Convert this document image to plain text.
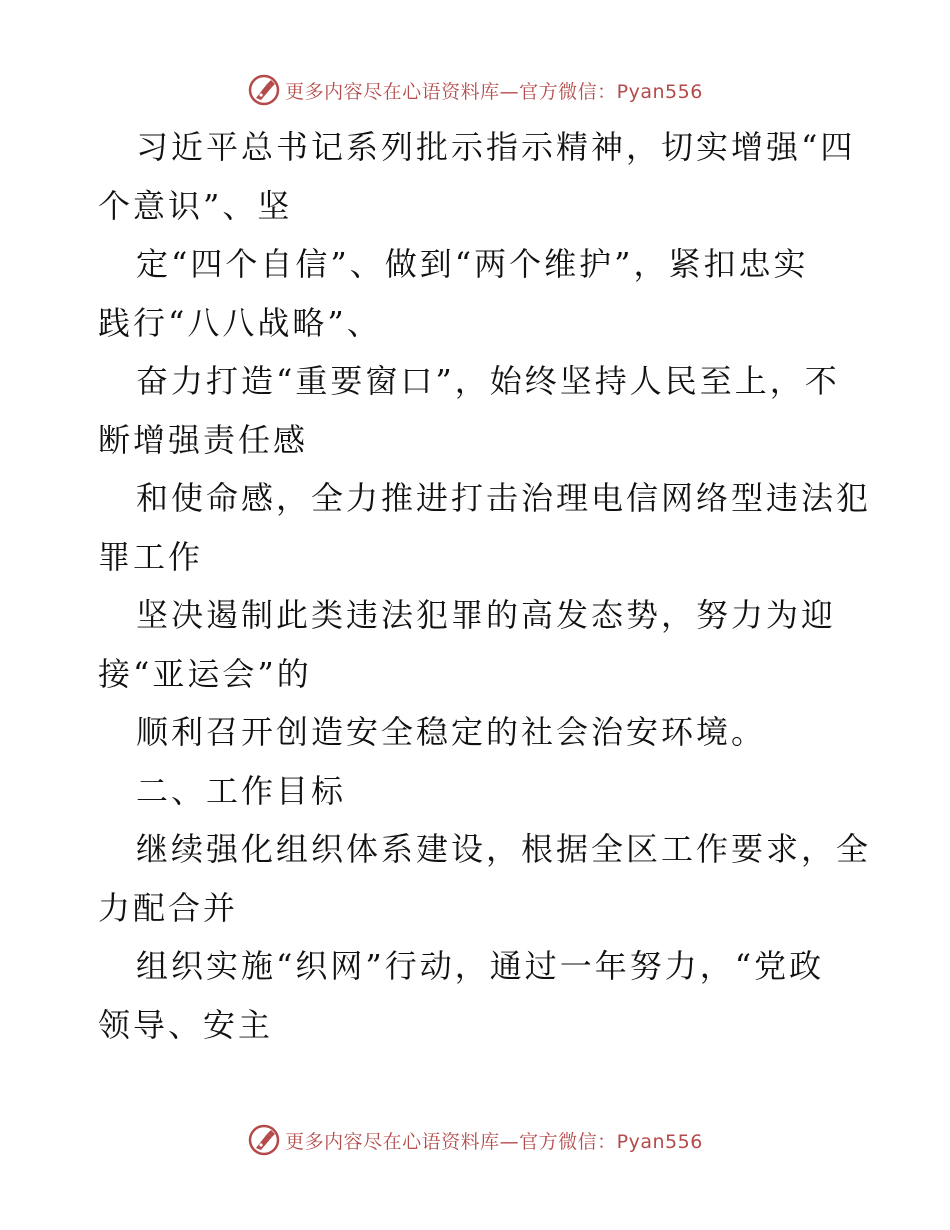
更多内容尽在心语资料库—官方微信：Pyan556
习近平总书记系列批示指示精神，切实增强“四
个意识”、坚
定“四个自信”、做到“两个维护”，紧扣忠实
践行“八八战略”、
奋力打造“重要窗口”，始终坚持人民至上，不
断增强责任感
和使命感，全力推进打击治理电信网络型违法犯
罪工作
坚决遏制此类违法犯罪的高发态势，努力为迎
接“亚运会”的
顺利召开创造安全稳定的社会治安环境。
二、工作目标
继续强化组织体系建设，根据全区工作要求，全
力配合并
组织实施“织网”行动，通过一年努力，“党政
领导、安主
更多内容尽在心语资料库—官方微信：Pyan556
